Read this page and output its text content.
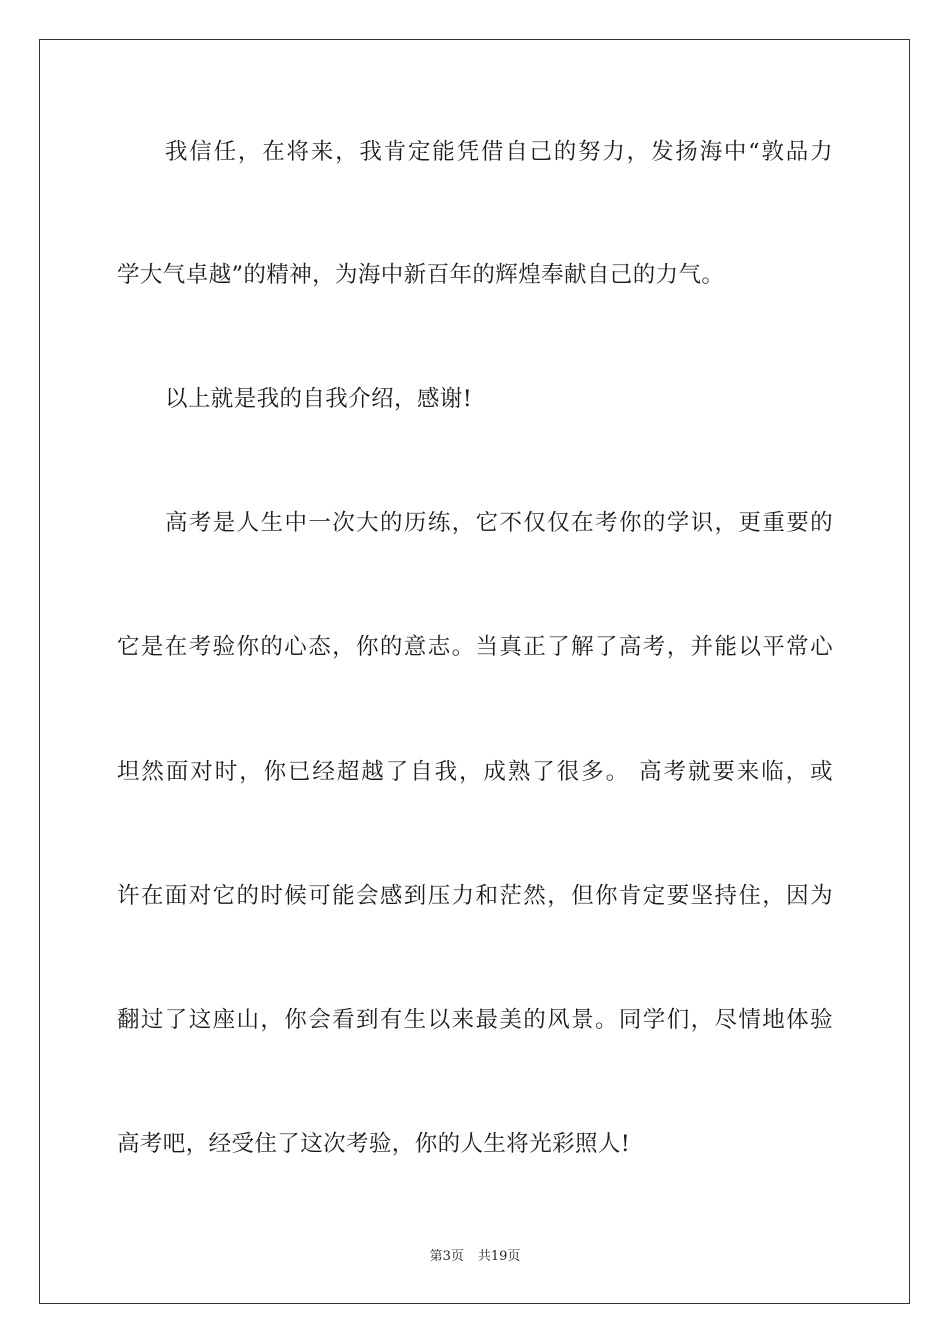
我信任，在将来，我肯定能凭借自己的努力，发扬海中“敦品力
学大气卓越”的精神，为海中新百年的辉煌奉献自己的力气。
以上就是我的自我介绍，感谢!
高考是人生中一次大的历练，它不仅仅在考你的学识，更重要的
它是在考验你的心态，你的意志。当真正了解了高考，并能以平常心
坦然面对时，你已经超越了自我，成熟了很多。 高考就要来临，或
许在面对它的时候可能会感到压力和茫然，但你肯定要坚持住，因为
翻过了这座山，你会看到有生以来最美的风景。同学们，尽情地体验
高考吧，经受住了这次考验，你的人生将光彩照人!
第3页 共19页
